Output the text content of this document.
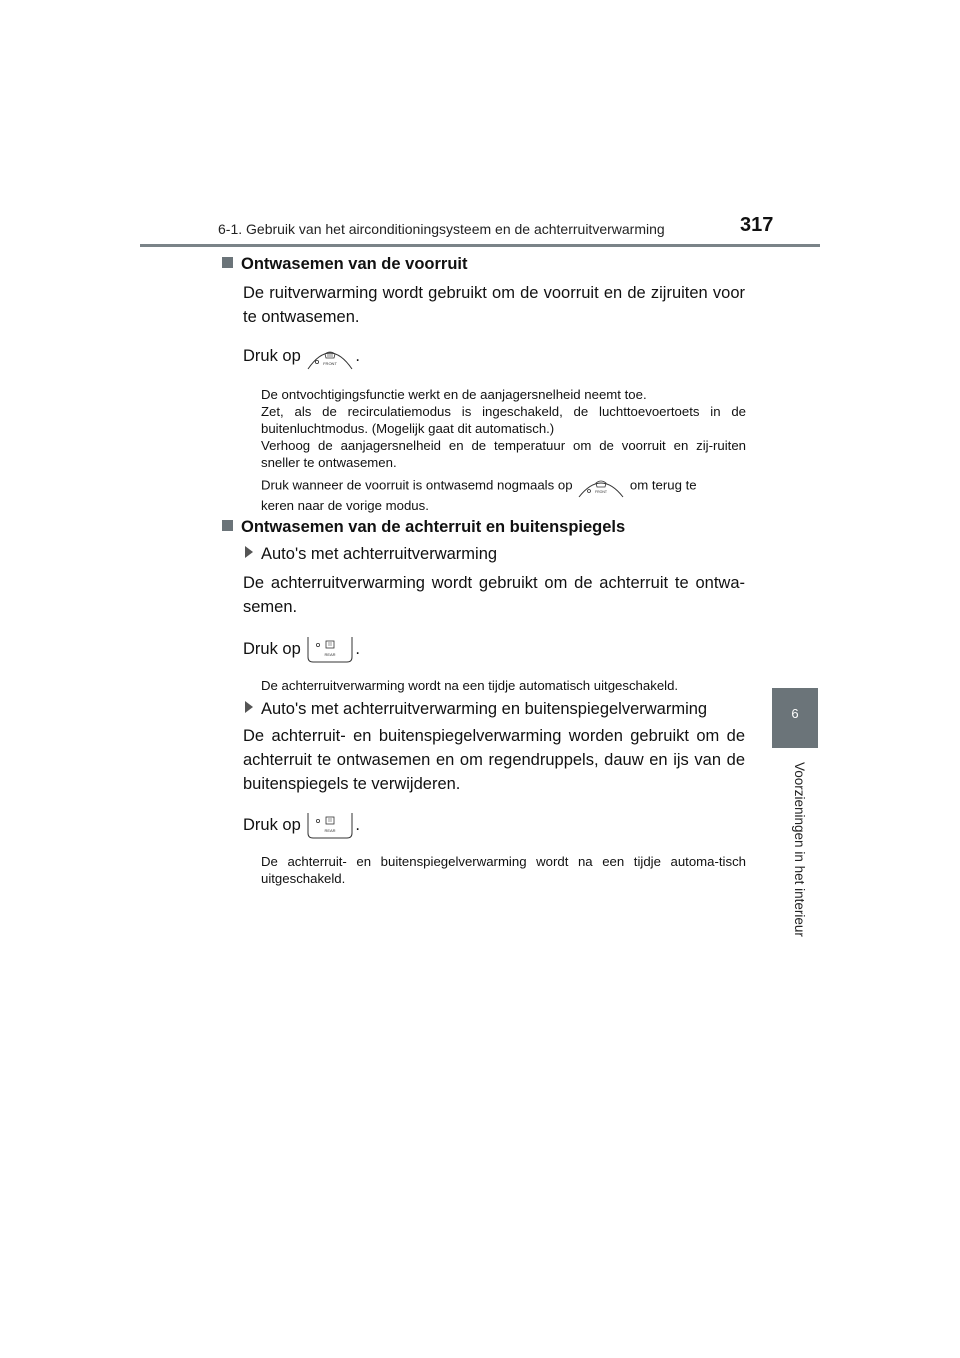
6-1. Gebruik van het airconditioningsysteem en de achterruitverwarming	317
6
Voorzieningen in het interieur
Ontwasemen van de voorruit
De ruitverwarming wordt gebruikt om de voorruit en de zijruiten voor te ontwasemen.
Druk op	FRONT .
De ontvochtigingsfunctie werkt en de aanjagersnelheid neemt toe.
Zet, als de recirculatiemodus is ingeschakeld, de luchttoevoertoets in de buitenluchtmodus. (Mogelijk gaat dit automatisch.)
Verhoog de aanjagersnelheid en de temperatuur om de voorruit en zij-ruiten sneller te ontwasemen.
Druk wanneer de voorruit is ontwasemd nogmaals op	FRONT om terug te
keren naar de vorige modus.
Ontwasemen van de achterruit en buitenspiegels
Auto's met achterruitverwarming
De achterruitverwarming wordt gebruikt om de achterruit te ontwa-semen.
Druk op	REAR .
De achterruitverwarming wordt na een tijdje automatisch uitgeschakeld.
Auto's met achterruitverwarming en buitenspiegelverwarming
De achterruit- en buitenspiegelverwarming worden gebruikt om de achterruit te ontwasemen en om regendruppels, dauw en ijs van de buitenspiegels te verwijderen.
Druk op	REAR .
De achterruit- en buitenspiegelverwarming wordt na een tijdje automa-tisch uitgeschakeld.
